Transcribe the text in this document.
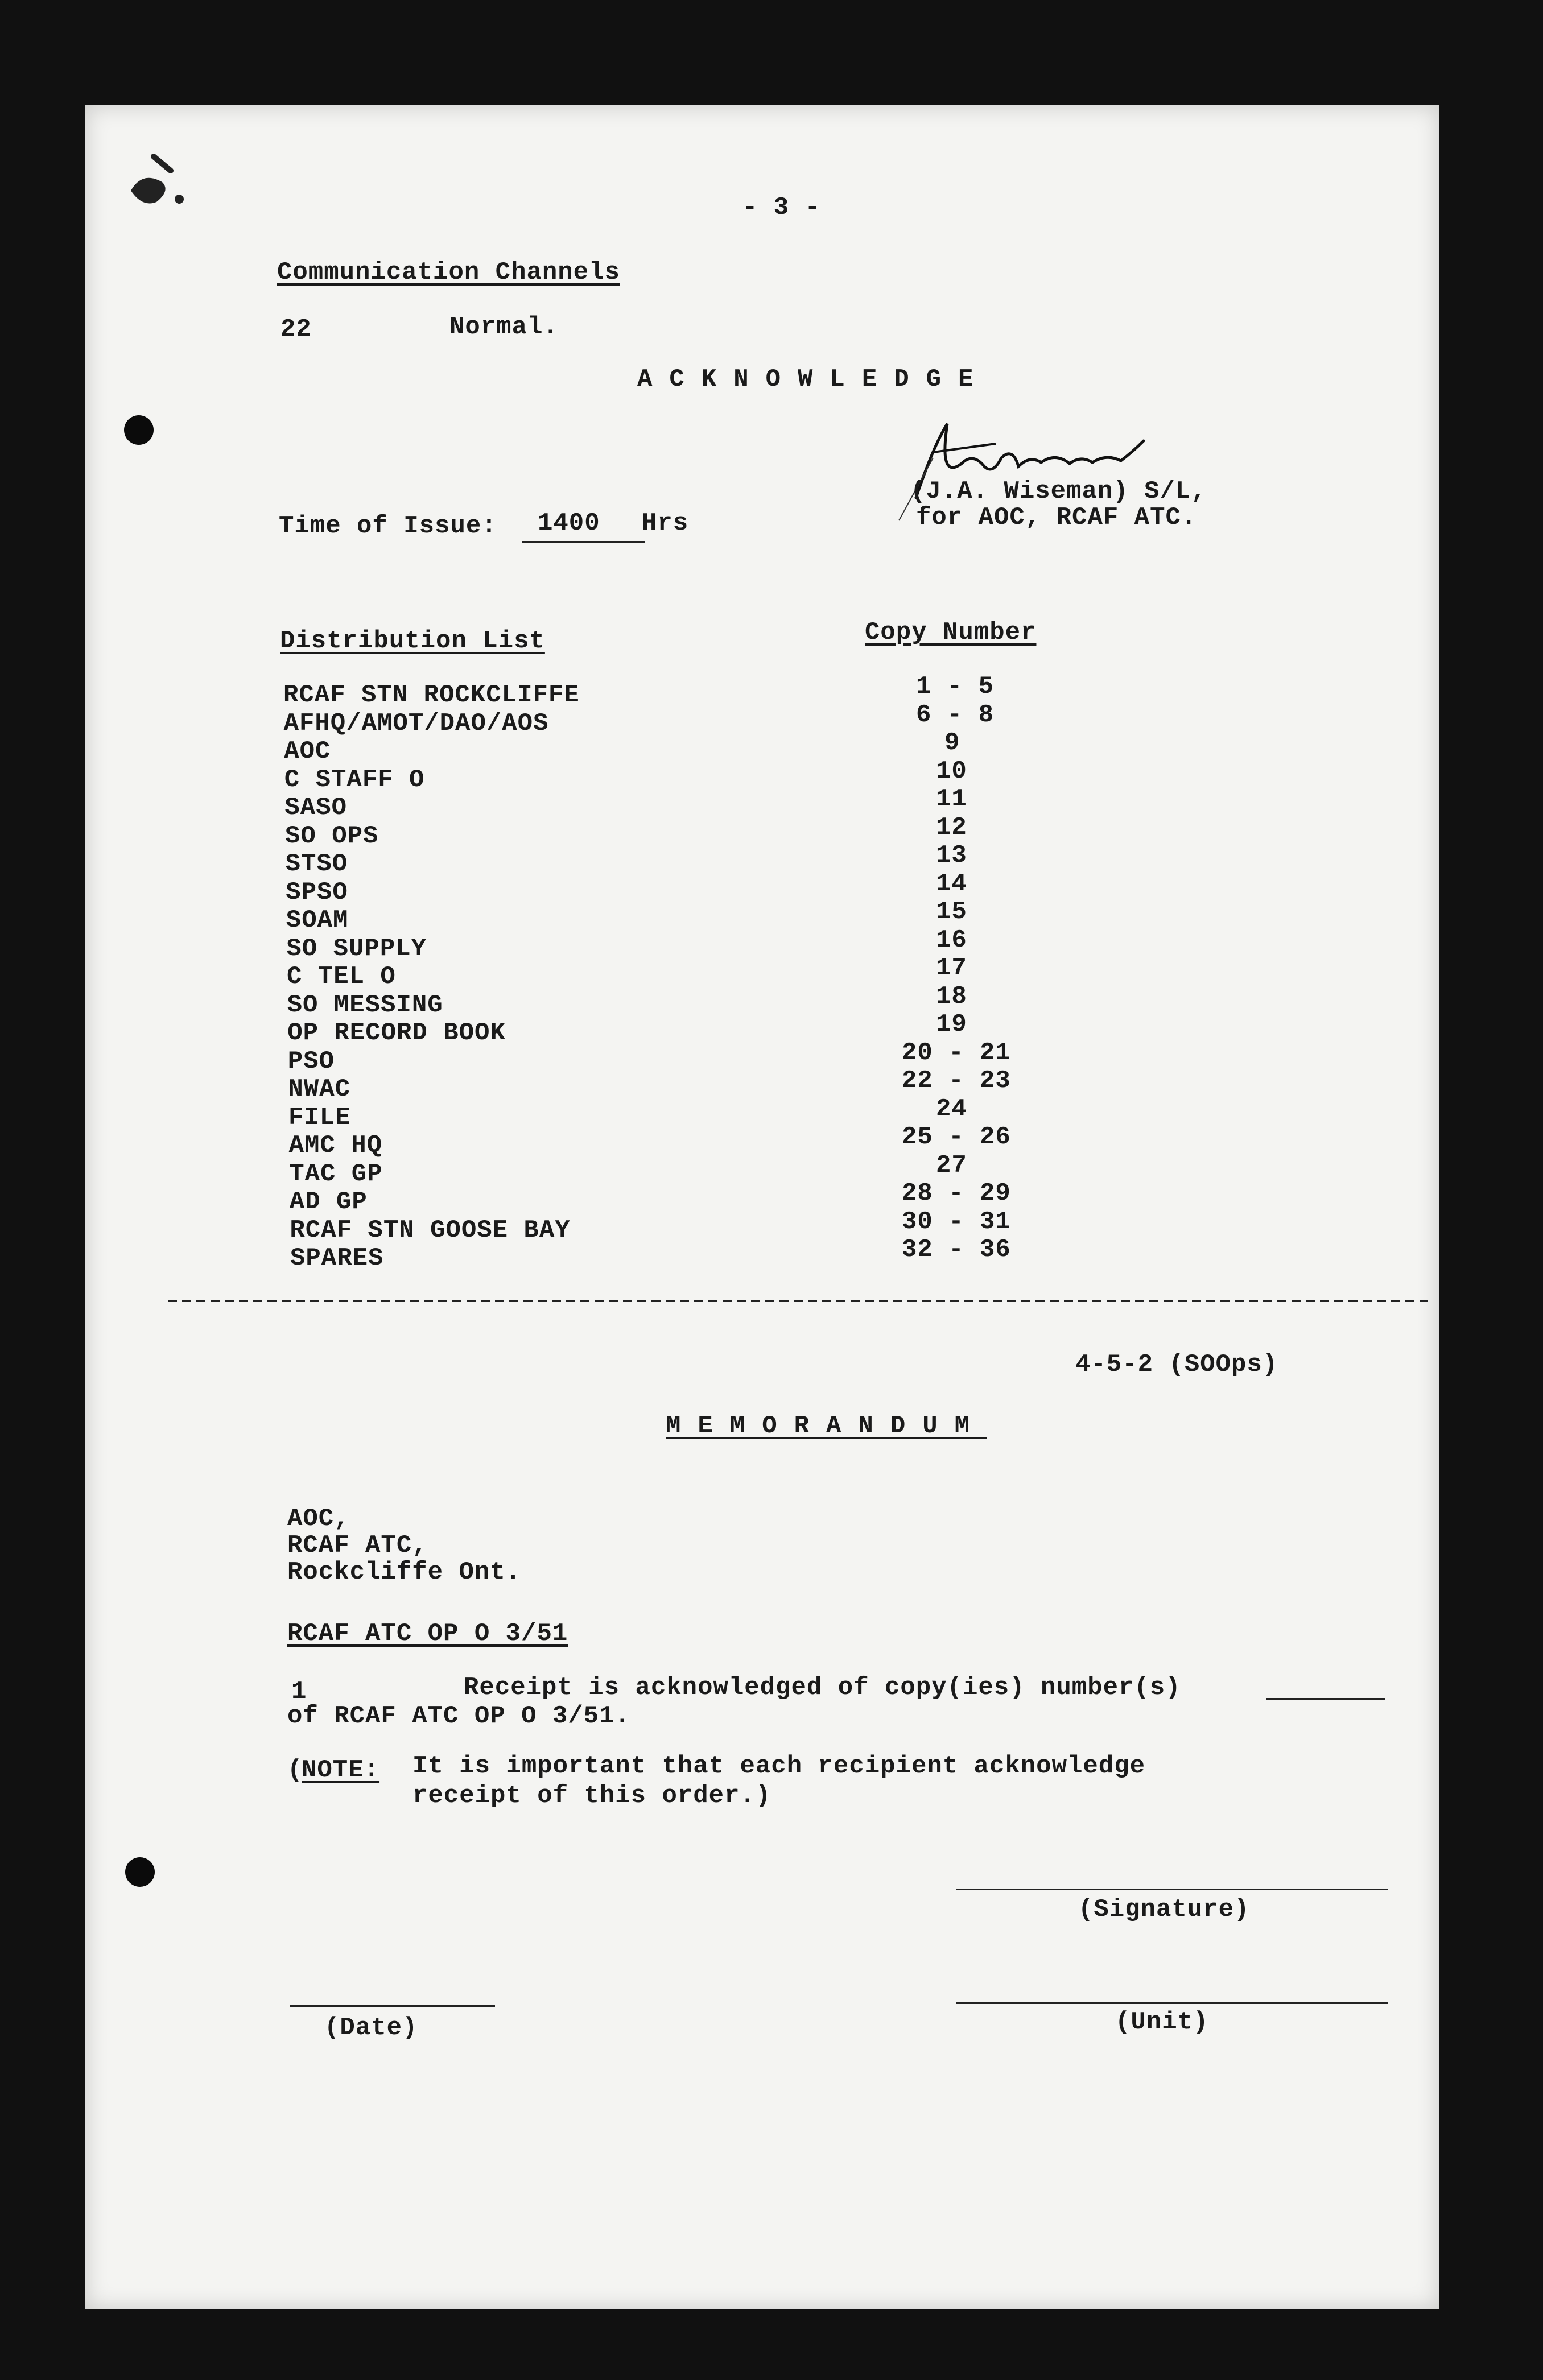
- 3 -
Communication Channels
22	Normal.
ACKNOWLEDGE
(J.A. Wiseman) S/L,
for AOC, RCAF ATC.
Time of Issue: 1400 Hrs
Distribution List	Copy Number
RCAF STN ROCKCLIFFE	1 - 5
AFHQ/AMOT/DAO/AOS	6 - 8
AOC	9
C STAFF O	10
SASO	11
SO OPS	12
STSO	13
SPSO	14
SOAM	15
SO SUPPLY	16
C TEL O	17
SO MESSING	18
OP RECORD BOOK	19
PSO	20 - 21
NWAC	22 - 23
FILE	24
AMC HQ	25 - 26
TAC GP	27
AD GP	28 - 29
RCAF STN GOOSE BAY	30 - 31
SPARES	32 - 36
4-5-2 (SOOps)
MEMORANDUM
AOC,
RCAF ATC,
Rockcliffe Ont.
RCAF ATC OP O 3/51
1	Receipt is acknowledged of copy(ies) number(s)
of RCAF ATC OP O 3/51.
(
NOTE: It is important that each recipient acknowledge
receipt of this order.)
(Signature)
(Date)	(Unit)
